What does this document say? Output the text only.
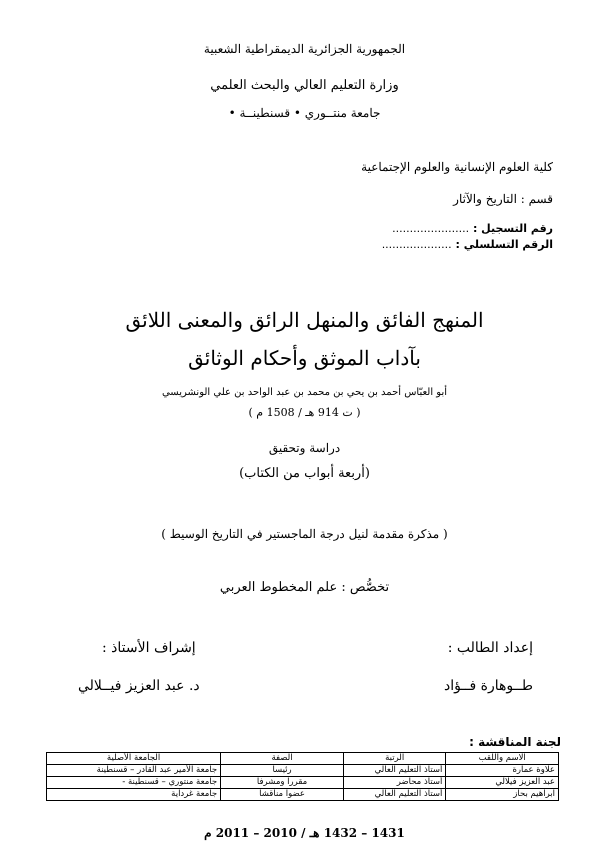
الجمهورية الجزائرية الديمقراطية الشعبية
وزارة التعليم العالي والبحث العلمي
جامعة منتــوري • قسنطينــة •
كلية العلوم الإنسانية والعلوم الإجتماعية
قسم : التاريخ والآثار
رقم التسجيل : ......................
الرقم التسلسلي : ....................
المنهج الفائق والمنهل الرائق والمعنى اللائق
بآداب الموثق وأحكام الوثائق
أبو العبّاس أحمد بن يحي بن محمد بن عبد الواحد بن علي الونشريسي
( ت 914 هـ / 1508 م )
دراسة وتحقيق
(أربعة أبواب من الكتاب)
( مذكرة مقدمة لنيل درجة الماجستير في التاريخ الوسيط )
تخصُّص : علم المخطوط العربي
إعداد الطالب :
إشراف الأستاذ :
طــوهارة فــؤاد
د. عبد العزيز فيــلالي
لجنة المناقشة :
الاسم واللقب	الرتبة	الصفة	الجامعة الأصلية
علاوة عمارة	أستاذ التعليم العالي	رئيسا	جامعة الأمير عبد القادر – قسنطينة
عبد العزيز فيلالي	أستاذ محاضر	مقررا ومشرفا	جامعة منتوري – قسنطينة -
ابراهيم بحاز	أستاذ التعليم العالي	عضوا مناقشا	جامعة غرداية
1431 – 1432 هـ / 2010 – 2011 م
